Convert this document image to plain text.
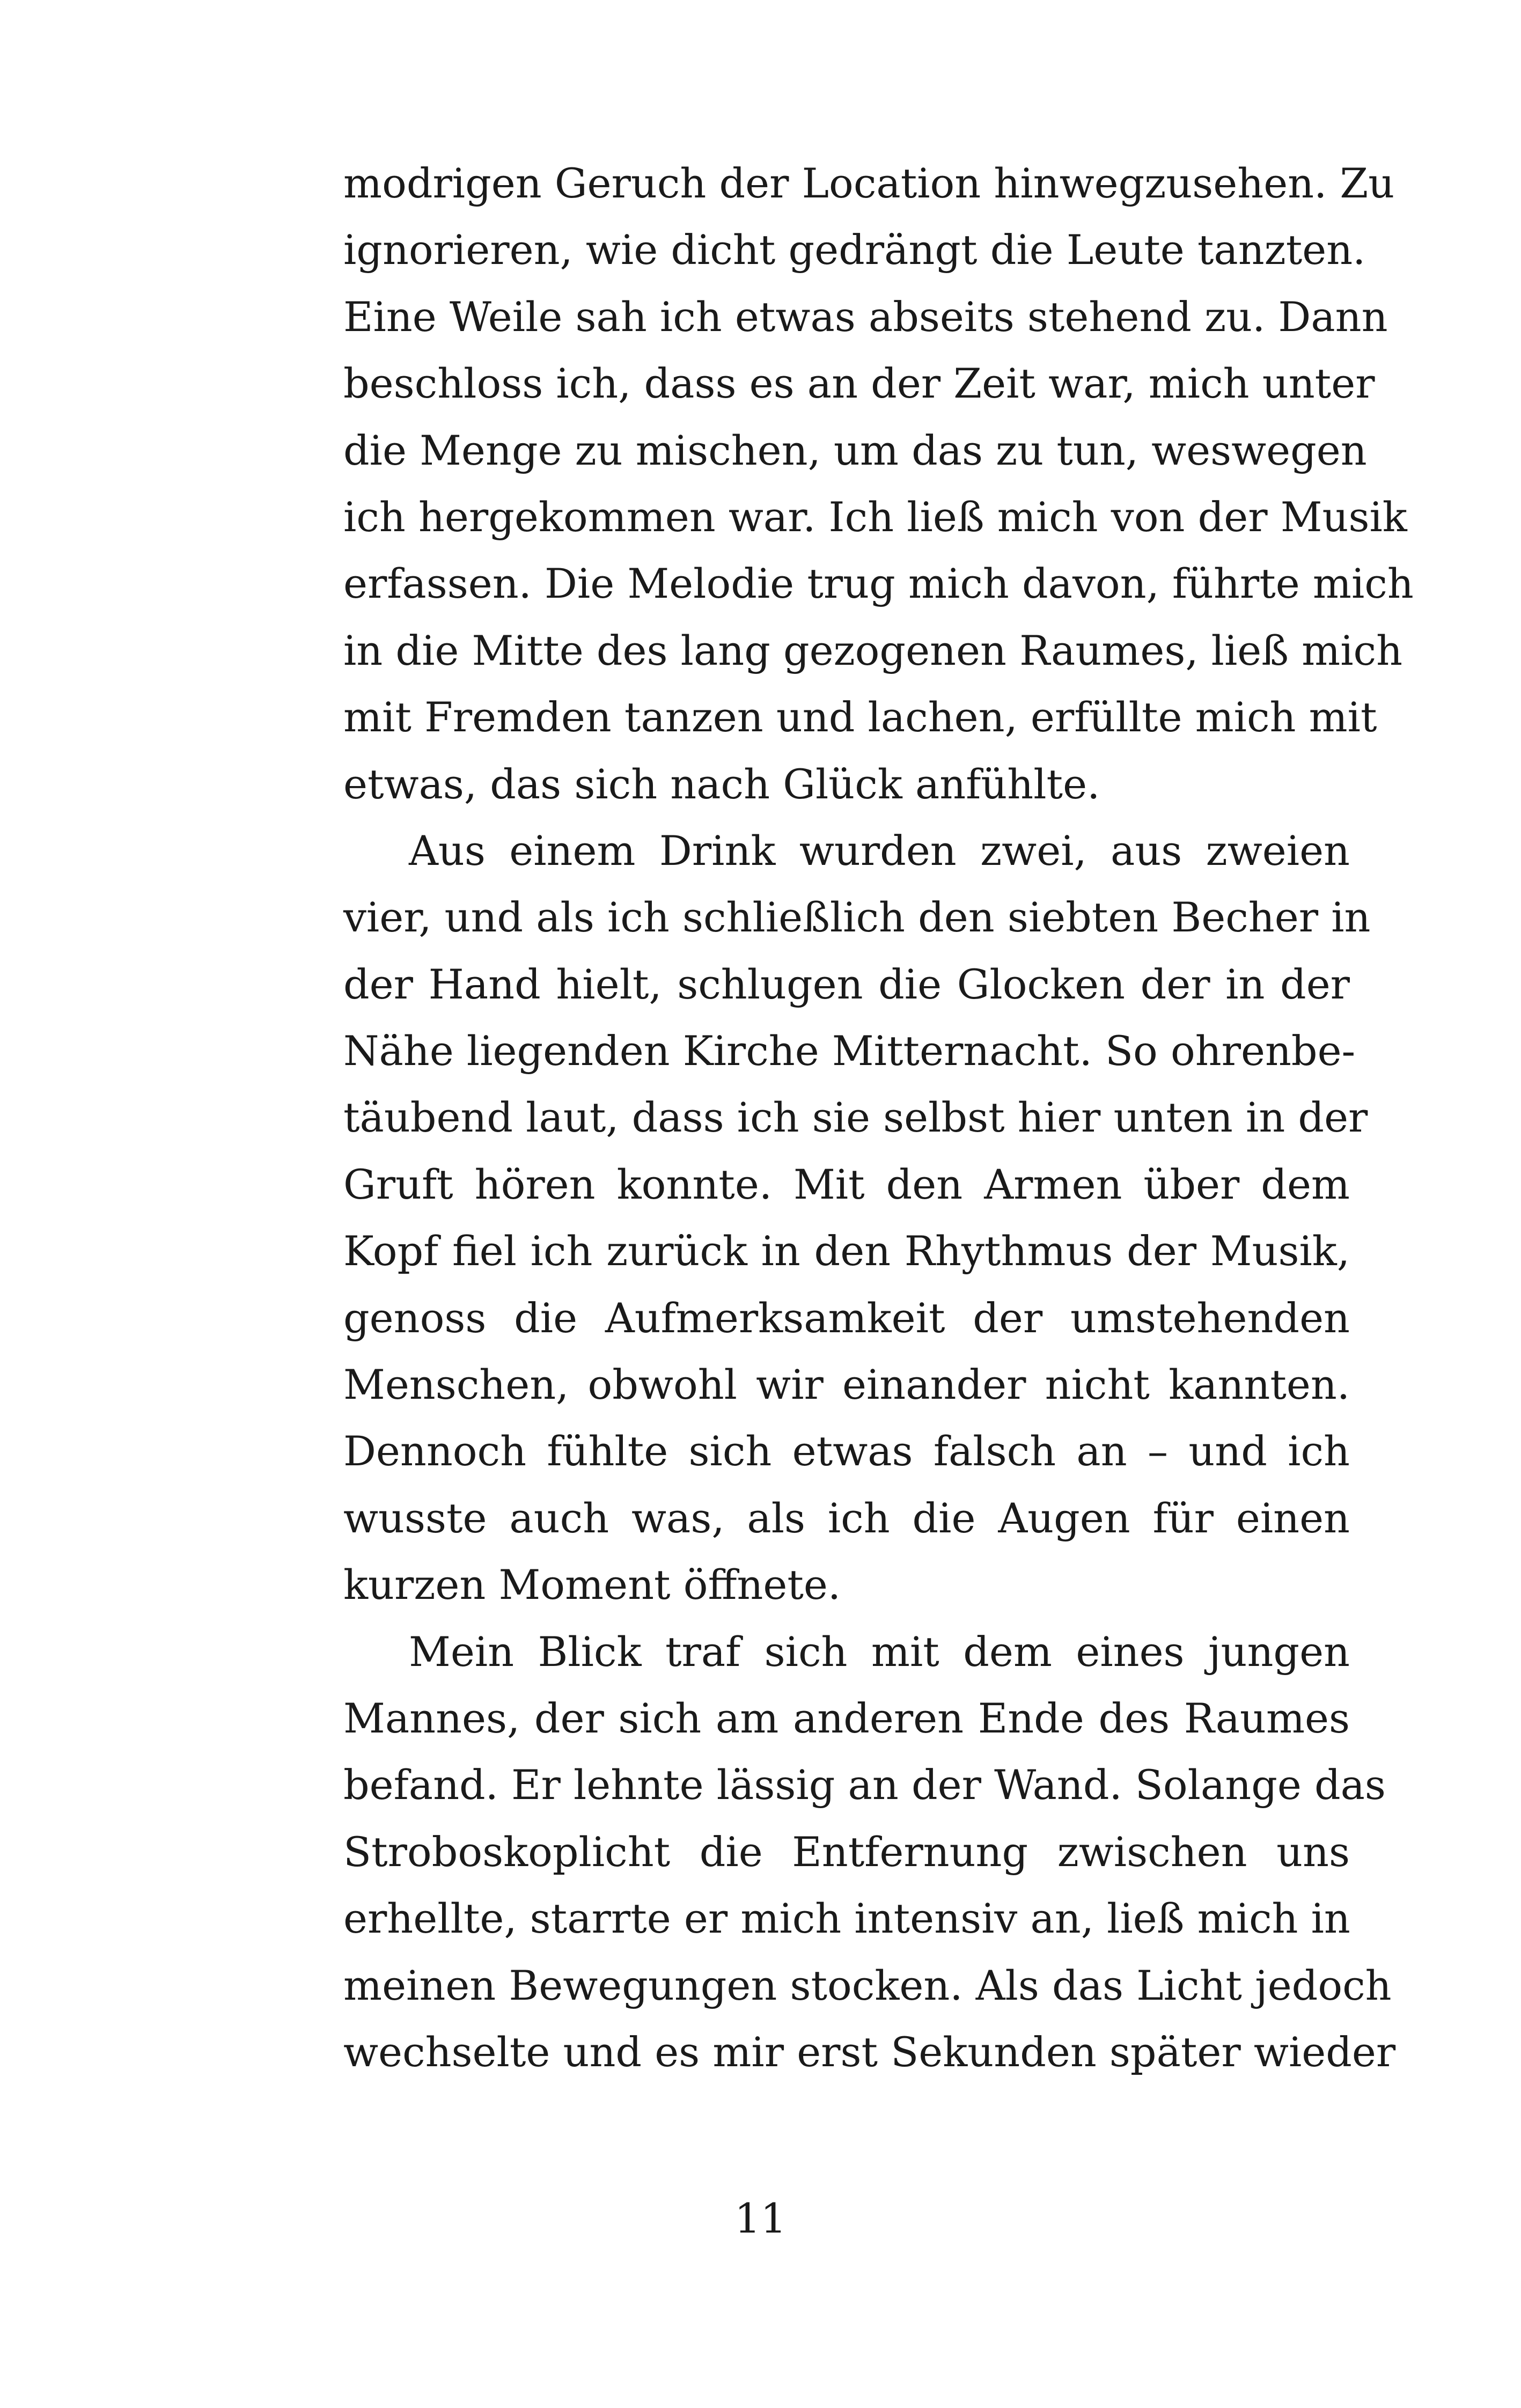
modrigen Geruch der Location hinwegzusehen. Zu
ignorieren, wie dicht gedrängt die Leute tanzten.
Eine Weile sah ich etwas abseits stehend zu. Dann
beschloss ich, dass es an der Zeit war, mich unter
die Menge zu mischen, um das zu tun, weswegen
ich hergekommen war. Ich ließ mich von der Musik
erfassen. Die Melodie trug mich davon, führte mich
in die Mitte des lang gezogenen Raumes, ließ mich
mit Fremden tanzen und lachen, erfüllte mich mit
etwas, das sich nach Glück anfühlte.
Aus einem Drink wurden zwei, aus zweien
vier, und als ich schließlich den siebten Becher in
der Hand hielt, schlugen die Glocken der in der
Nähe liegenden Kirche Mitternacht. So ohrenbe-
täubend laut, dass ich sie selbst hier unten in der
Gruft hören konnte. Mit den Armen über dem
Kopf fiel ich zurück in den Rhythmus der Musik,
genoss die Aufmerksamkeit der umstehenden
Menschen, obwohl wir einander nicht kannten.
Dennoch fühlte sich etwas falsch an – und ich
wusste auch was, als ich die Augen für einen
kurzen Moment öffnete.
Mein Blick traf sich mit dem eines jungen
Mannes, der sich am anderen Ende des Raumes
befand. Er lehnte lässig an der Wand. Solange das
Stroboskoplicht die Entfernung zwischen uns
erhellte, starrte er mich intensiv an, ließ mich in
meinen Bewegungen stocken. Als das Licht jedoch
wechselte und es mir erst Sekunden später wieder
11
